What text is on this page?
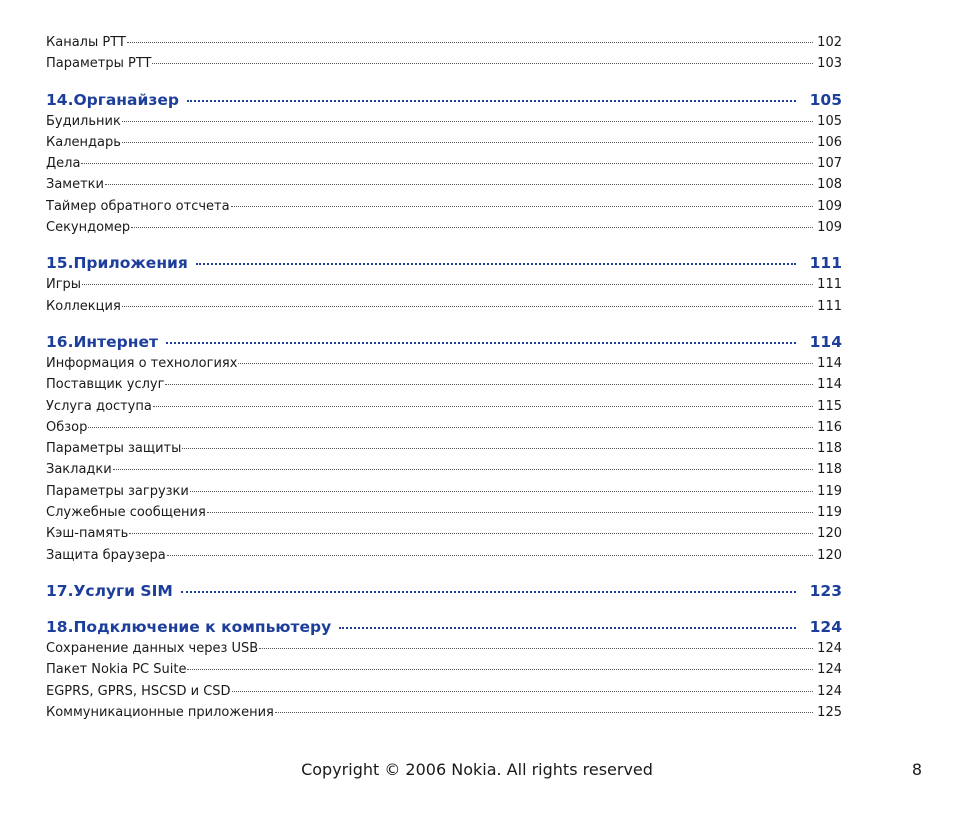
Каналы PTT	102
Параметры PTT	103
14.Органайзер	105
Будильник	105
Календарь	106
Дела	107
Заметки	108
Таймер обратного отсчета	109
Секундомер	109
15.Приложения	111
Игры	111
Коллекция	111
16.Интернет	114
Информация о технологиях	114
Поставщик услуг	114
Услуга доступа	115
Обзор	116
Параметры защиты	118
Закладки	118
Параметры загрузки	119
Служебные сообщения	119
Кэш-память	120
Защита браузера	120
17.Услуги SIM	123
18.Подключение к компьютеру	124
Сохранение данных через USB	124
Пакет Nokia PC Suite	124
EGPRS, GPRS, HSCSD и CSD	124
Коммуникационные приложения	125
Copyright © 2006 Nokia. All rights reserved	8
